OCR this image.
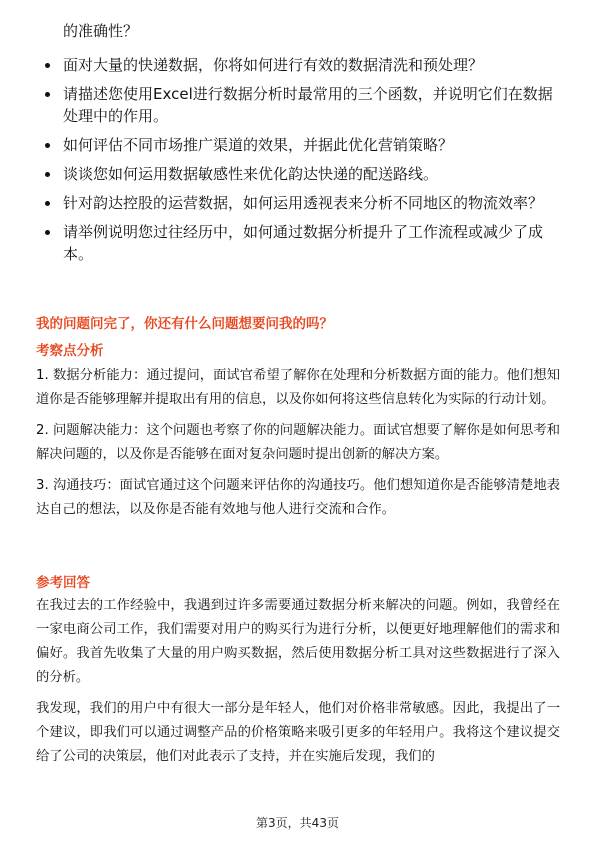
的准确性？
面对大量的快递数据，你将如何进行有效的数据清洗和预处理？
请描述您使用Excel进行数据分析时最常用的三个函数，并说明它们在数据处理中的作用。
如何评估不同市场推广渠道的效果，并据此优化营销策略？
谈谈您如何运用数据敏感性来优化韵达快递的配送路线。
针对韵达控股的运营数据，如何运用透视表来分析不同地区的物流效率？
请举例说明您过往经历中，如何通过数据分析提升了工作流程或减少了成本。
我的问题问完了，你还有什么问题想要问我的吗？
考察点分析

1. 数据分析能力：通过提问，面试官希望了解你在处理和分析数据方面的能力。他们想知道你是否能够理解并提取出有用的信息，以及你如何将这些信息转化为实际的行动计划。

2. 问题解决能力：这个问题也考察了你的问题解决能力。面试官想要了解你是如何思考和解决问题的，以及你是否能够在面对复杂问题时提出创新的解决方案。

3. 沟通技巧：面试官通过这个问题来评估你的沟通技巧。他们想知道你是否能够清楚地表达自己的想法，以及你是否能有效地与他人进行交流和合作。

参考回答

在我过去的工作经验中，我遇到过许多需要通过数据分析来解决的问题。例如，我曾经在一家电商公司工作，我们需要对用户的购买行为进行分析，以便更好地理解他们的需求和偏好。我首先收集了大量的用户购买数据，然后使用数据分析工具对这些数据进行了深入的分析。

我发现，我们的用户中有很大一部分是年轻人，他们对价格非常敏感。因此，我提出了一个建议，即我们可以通过调整产品的价格策略来吸引更多的年轻用户。我将这个建议提交给了公司的决策层，他们对此表示了支持，并在实施后发现，我们的

第3页，共43页
